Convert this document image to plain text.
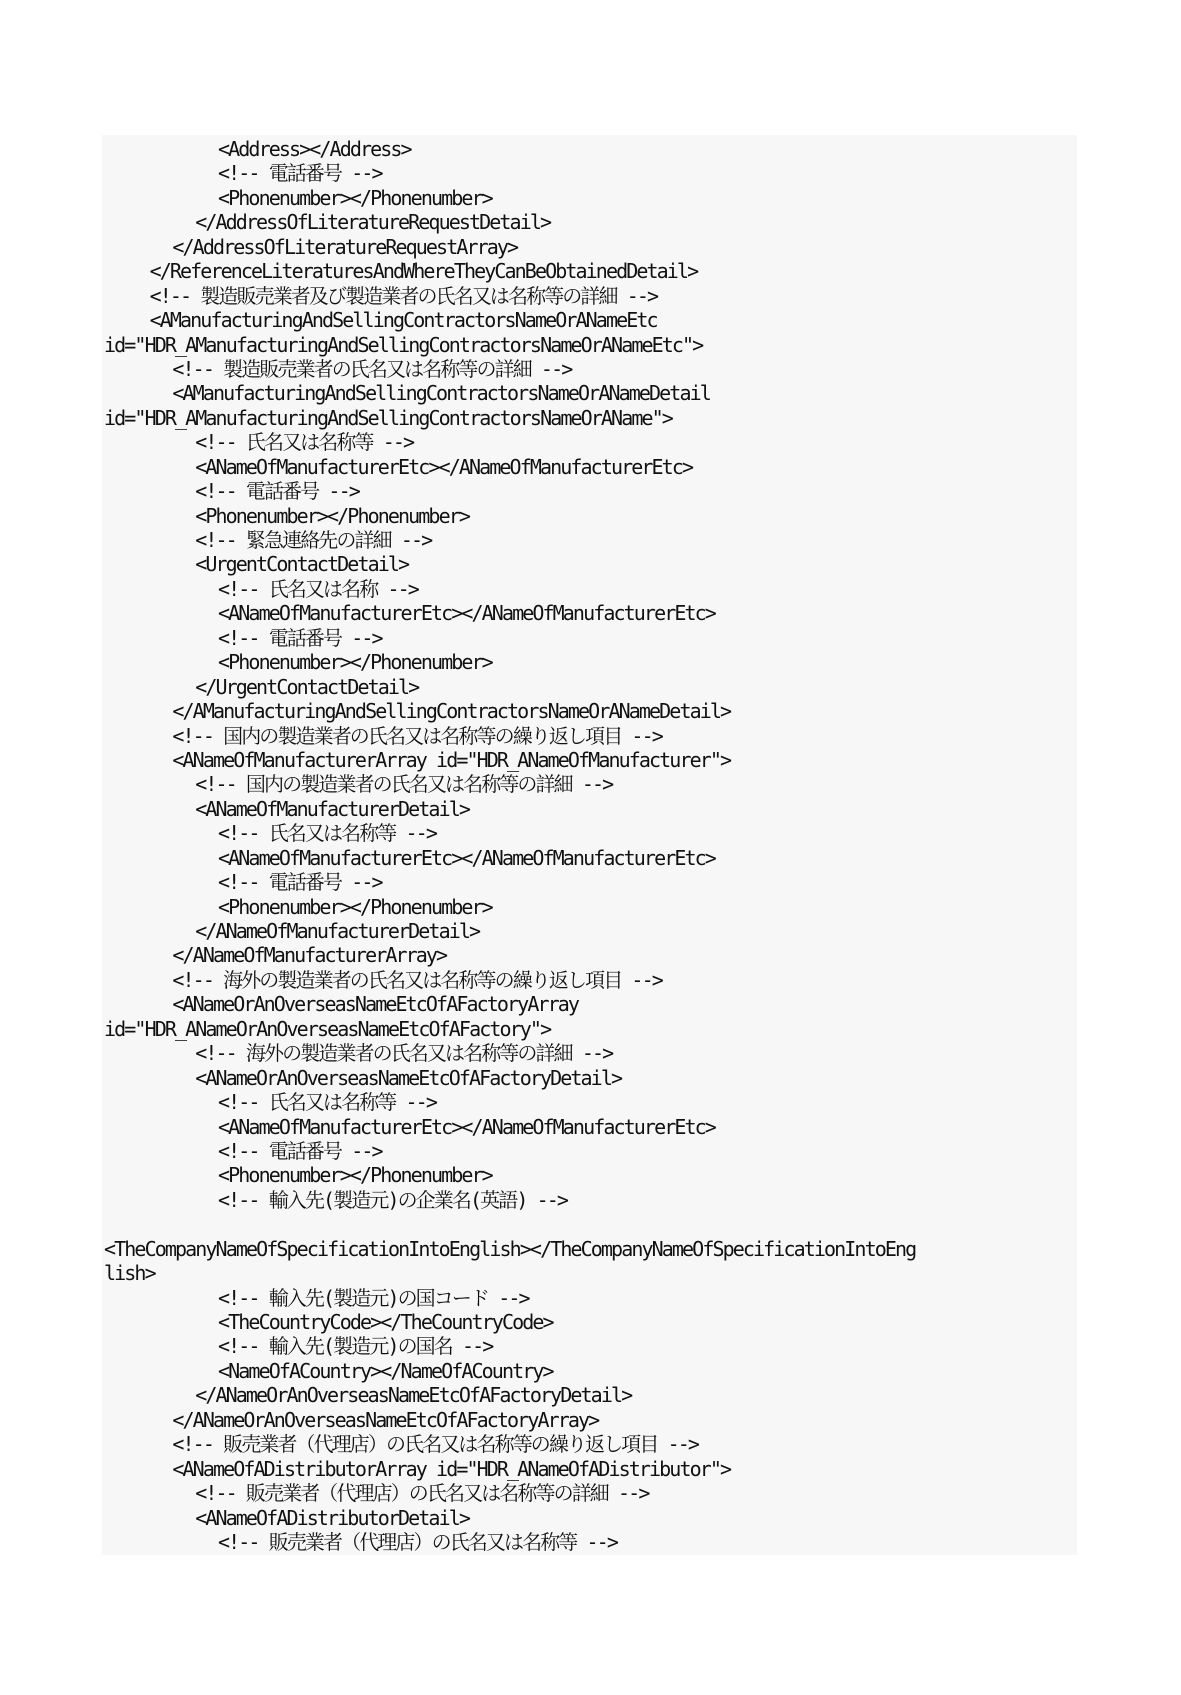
<Address></Address>
<!-- 電話番号 -->
<Phonenumber></Phonenumber>
</AddressOfLiteratureRequestDetail>
</AddressOfLiteratureRequestArray>
</ReferenceLiteraturesAndWhereTheyCanBeObtainedDetail>
<!-- 製造販売業者及び製造業者の氏名又は名称等の詳細 -->
<AManufacturingAndSellingContractorsNameOrANameEtc
id="HDR_AManufacturingAndSellingContractorsNameOrANameEtc">
<!-- 製造販売業者の氏名又は名称等の詳細 -->
<AManufacturingAndSellingContractorsNameOrANameDetail
id="HDR_AManufacturingAndSellingContractorsNameOrAName">
<!-- 氏名又は名称等 -->
<ANameOfManufacturerEtc></ANameOfManufacturerEtc>
<!-- 電話番号 -->
<Phonenumber></Phonenumber>
<!-- 緊急連絡先の詳細 -->
<UrgentContactDetail>
<!-- 氏名又は名称 -->
<ANameOfManufacturerEtc></ANameOfManufacturerEtc>
<!-- 電話番号 -->
<Phonenumber></Phonenumber>
</UrgentContactDetail>
</AManufacturingAndSellingContractorsNameOrANameDetail>
<!-- 国内の製造業者の氏名又は名称等の繰り返し項目 -->
<ANameOfManufacturerArray id="HDR_ANameOfManufacturer">
<!-- 国内の製造業者の氏名又は名称等の詳細 -->
<ANameOfManufacturerDetail>
<!-- 氏名又は名称等 -->
<ANameOfManufacturerEtc></ANameOfManufacturerEtc>
<!-- 電話番号 -->
<Phonenumber></Phonenumber>
</ANameOfManufacturerDetail>
</ANameOfManufacturerArray>
<!-- 海外の製造業者の氏名又は名称等の繰り返し項目 -->
<ANameOrAnOverseasNameEtcOfAFactoryArray
id="HDR_ANameOrAnOverseasNameEtcOfAFactory">
<!-- 海外の製造業者の氏名又は名称等の詳細 -->
<ANameOrAnOverseasNameEtcOfAFactoryDetail>
<!-- 氏名又は名称等 -->
<ANameOfManufacturerEtc></ANameOfManufacturerEtc>
<!-- 電話番号 -->
<Phonenumber></Phonenumber>
<!-- 輸入先(製造元)の企業名(英語) -->
<TheCompanyNameOfSpecificationIntoEnglish></TheCompanyNameOfSpecificationIntoEng
lish>
<!-- 輸入先(製造元)の国コード -->
<TheCountryCode></TheCountryCode>
<!-- 輸入先(製造元)の国名 -->
<NameOfACountry></NameOfACountry>
</ANameOrAnOverseasNameEtcOfAFactoryDetail>
</ANameOrAnOverseasNameEtcOfAFactoryArray>
<!-- 販売業者（代理店）の氏名又は名称等の繰り返し項目 -->
<ANameOfADistributorArray id="HDR_ANameOfADistributor">
<!-- 販売業者（代理店）の氏名又は名称等の詳細 -->
<ANameOfADistributorDetail>
<!-- 販売業者（代理店）の氏名又は名称等 -->
